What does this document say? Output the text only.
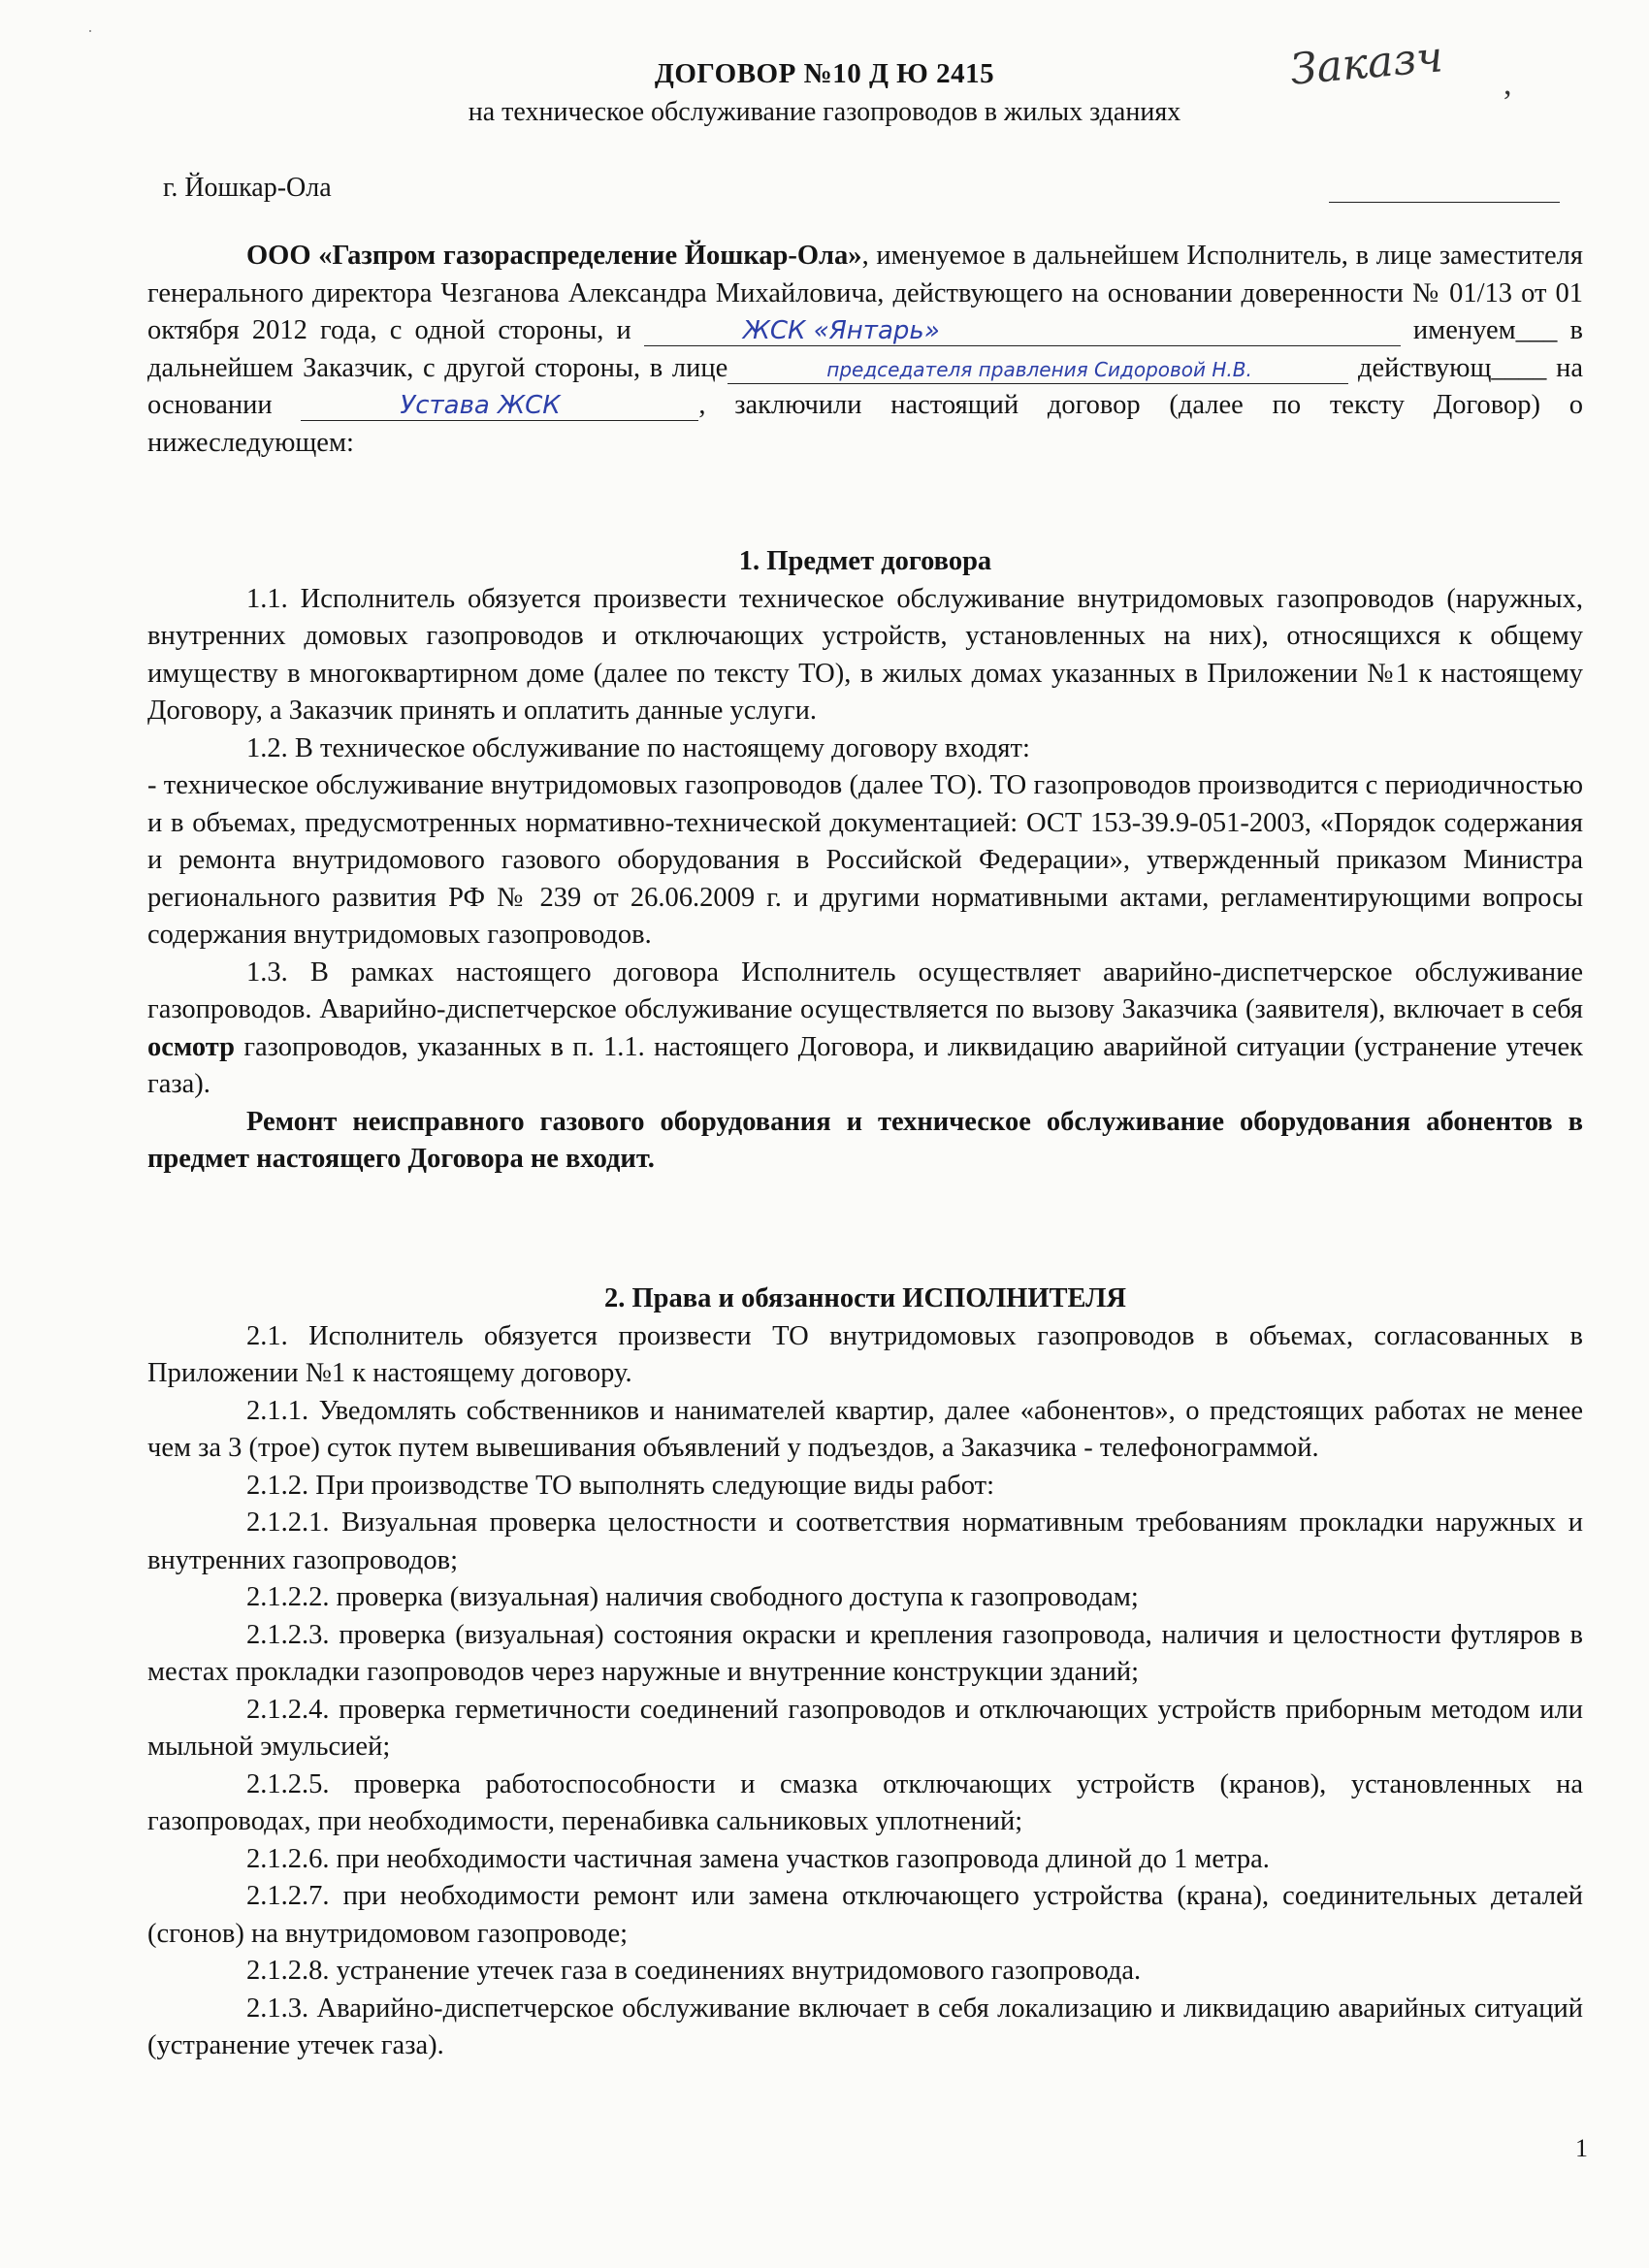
·
ДОГОВОР №10 Д Ю 2415
на техническое обслуживание газопроводов в жилых зданиях
Заказч ,
г. Йошкар-Ола

ООО «Газпром газораспределение Йошкар-Ола», именуемое в дальнейшем Исполнитель, в лице заместителя генерального директора Чезганова Александра Михайловича, действующего на основании доверенности № 01/13 от 01 октября 2012 года, с одной стороны, и	ЖСК «Янтарь»	именуем___ в дальнейшем Заказчик, с другой стороны, в лице	председателя правления Сидоровой Н.В.	действующ____ на основании	Устава ЖСК	, заключили настоящий договор (далее по тексту Договор) о нижеследующем:

1. Предмет договора

1.1. Исполнитель обязуется произвести техническое обслуживание внутридомовых газопроводов (наружных, внутренних домовых газопроводов и отключающих устройств, установленных на них), относящихся к общему имуществу в многоквартирном доме (далее по тексту ТО), в жилых домах указанных в Приложении №1 к настоящему Договору, а Заказчик принять и оплатить данные услуги.

1.2. В техническое обслуживание по настоящему договору входят:

- техническое обслуживание внутридомовых газопроводов (далее ТО). ТО газопроводов производится с периодичностью и в объемах, предусмотренных нормативно-технической документацией: ОСТ 153-39.9-051-2003, «Порядок содержания и ремонта внутридомового газового оборудования в Российской Федерации», утвержденный приказом Министра регионального развития РФ № 239 от 26.06.2009 г. и другими нормативными актами, регламентирующими вопросы содержания внутридомовых газопроводов.

1.3. В рамках настоящего договора Исполнитель осуществляет аварийно-диспетчерское обслуживание газопроводов. Аварийно-диспетчерское обслуживание осуществляется по вызову Заказчика (заявителя), включает в себя осмотр газопроводов, указанных в п. 1.1. настоящего Договора, и ликвидацию аварийной ситуации (устранение утечек газа).

Ремонт неисправного газового оборудования и техническое обслуживание оборудования абонентов в предмет настоящего Договора не входит.

2. Права и обязанности ИСПОЛНИТЕЛЯ

2.1. Исполнитель обязуется произвести ТО внутридомовых газопроводов в объемах, согласованных в Приложении №1 к настоящему договору.

2.1.1. Уведомлять собственников и нанимателей квартир, далее «абонентов», о предстоящих работах не менее чем за 3 (трое) суток путем вывешивания объявлений у подъездов, а Заказчика - телефонограммой.

2.1.2. При производстве ТО выполнять следующие виды работ:

2.1.2.1. Визуальная проверка целостности и соответствия нормативным требованиям прокладки наружных и внутренних газопроводов;

2.1.2.2. проверка (визуальная) наличия свободного доступа к газопроводам;

2.1.2.3. проверка (визуальная) состояния окраски и крепления газопровода, наличия и целостности футляров в местах прокладки газопроводов через наружные и внутренние конструкции зданий;

2.1.2.4. проверка герметичности соединений газопроводов и отключающих устройств приборным методом или мыльной эмульсией;

2.1.2.5. проверка работоспособности и смазка отключающих устройств (кранов), установленных на газопроводах, при необходимости, перенабивка сальниковых уплотнений;

2.1.2.6. при необходимости частичная замена участков газопровода длиной до 1 метра.

2.1.2.7. при необходимости ремонт или замена отключающего устройства (крана), соединительных деталей (сгонов) на внутридомовом газопроводе;

2.1.2.8. устранение утечек газа в соединениях внутридомового газопровода.

2.1.3. Аварийно-диспетчерское обслуживание включает в себя локализацию и ликвидацию аварийных ситуаций (устранение утечек газа).

1
